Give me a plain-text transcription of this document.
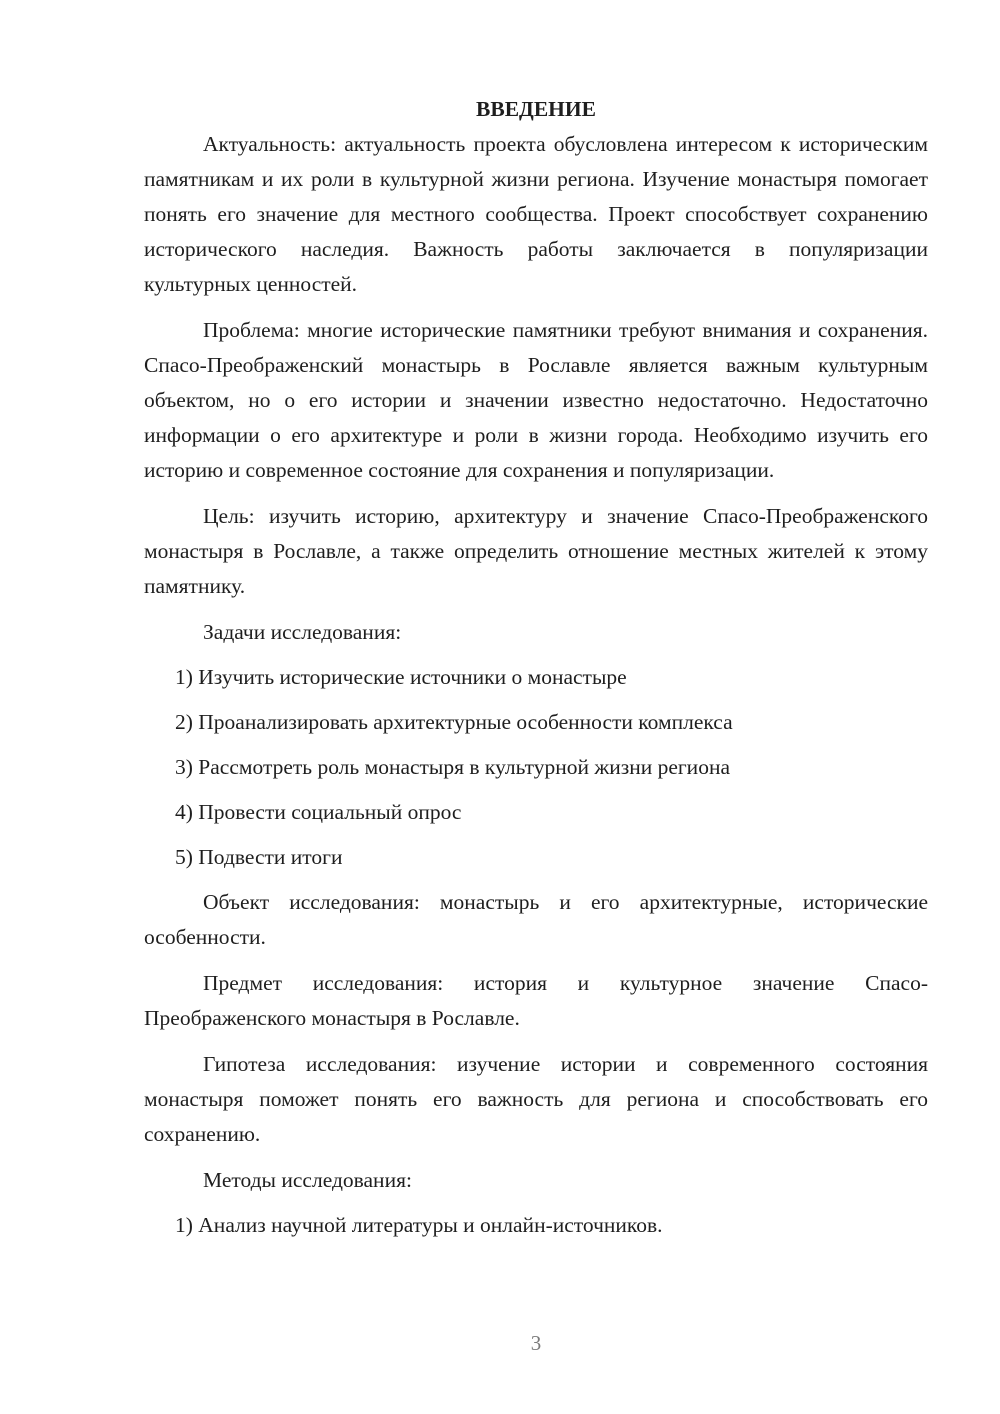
ВВЕДЕНИЕ

Актуальность: актуальность проекта обусловлена интересом к историческим памятникам и их роли в культурной жизни региона. Изучение монастыря помогает понять его значение для местного сообщества. Проект способствует сохранению исторического наследия. Важность работы заключается в популяризации культурных ценностей.

Проблема: многие исторические памятники требуют внимания и сохранения. Спасо-Преображенский монастырь в Рославле является важным культурным объектом, но о его истории и значении известно недостаточно. Недостаточно информации о его архитектуре и роли в жизни города. Необходимо изучить его историю и современное состояние для сохранения и популяризации.

Цель: изучить историю, архитектуру и значение Спасо-Преображенского монастыря в Рославле, а также определить отношение местных жителей к этому памятнику.

Задачи исследования:

1) Изучить исторические источники о монастыре

2) Проанализировать архитектурные особенности комплекса

3) Рассмотреть роль монастыря в культурной жизни региона

4) Провести социальный опрос

5) Подвести итоги

Объект исследования: монастырь и его архитектурные, исторические особенности.

Предмет исследования: история и культурное значение Спасо-Преображенского монастыря в Рославле.

Гипотеза исследования: изучение истории и современного состояния монастыря поможет понять его важность для региона и способствовать его сохранению.

Методы исследования:

1) Анализ научной литературы и онлайн-источников.

3
